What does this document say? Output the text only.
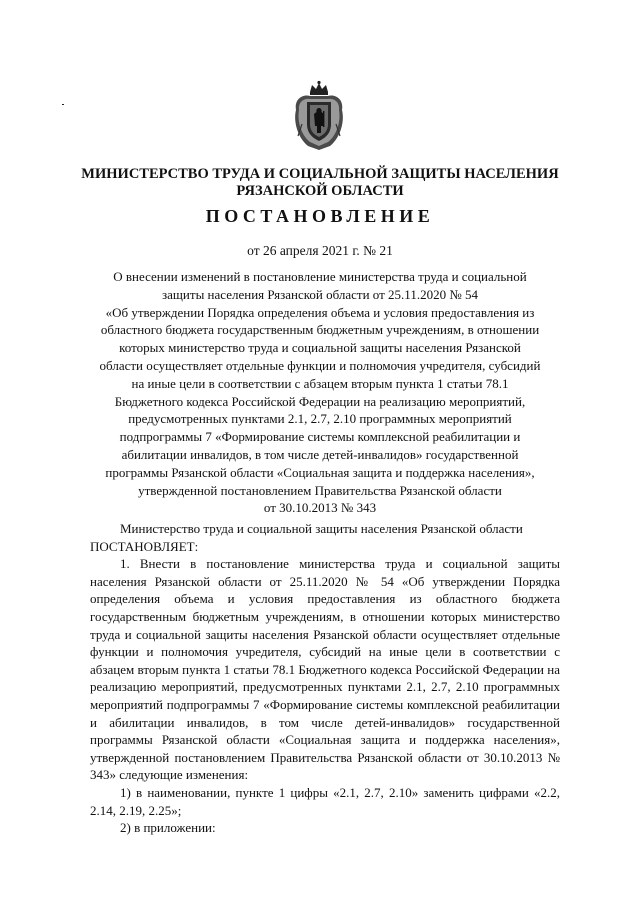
МИНИСТЕРСТВО ТРУДА И СОЦИАЛЬНОЙ ЗАЩИТЫ НАСЕЛЕНИЯ
РЯЗАНСКОЙ ОБЛАСТИ
ПОСТАНОВЛЕНИЕ
от 26 апреля 2021 г. № 21
О внесении изменений в постановление министерства труда и социальной
защиты населения Рязанской области от 25.11.2020 № 54
«Об утверждении Порядка определения объема и условия предоставления из
областного бюджета государственным бюджетным учреждениям, в отношении
которых министерство труда и социальной защиты населения Рязанской
области осуществляет отдельные функции и полномочия учредителя, субсидий
на иные цели в соответствии с абзацем вторым пункта 1 статьи 78.1
Бюджетного кодекса Российской Федерации на реализацию мероприятий,
предусмотренных пунктами 2.1, 2.7, 2.10 программных мероприятий
подпрограммы 7 «Формирование системы комплексной реабилитации и
абилитации инвалидов, в том числе детей-инвалидов» государственной
программы Рязанской области «Социальная защита и поддержка населения»,
утвержденной постановлением Правительства Рязанской области
от 30.10.2013 № 343

Министерство труда и социальной защиты населения Рязанской области

ПОСТАНОВЛЯЕТ:

1. Внести в постановление министерства труда и социальной защиты населения Рязанской области от 25.11.2020 № 54 «Об утверждении Порядка определения объема и условия предоставления из областного бюджета государственным бюджетным учреждениям, в отношении которых министерство труда и социальной защиты населения Рязанской области осуществляет отдельные функции и полномочия учредителя, субсидий на иные цели в соответствии с абзацем вторым пункта 1 статьи 78.1 Бюджетного кодекса Российской Федерации на реализацию мероприятий, предусмотренных пунктами 2.1, 2.7, 2.10 программных мероприятий подпрограммы 7 «Формирование системы комплексной реабилитации и абилитации инвалидов, в том числе детей-инвалидов» государственной программы Рязанской области «Социальная защита и поддержка населения», утвержденной постановлением Правительства Рязанской области от 30.10.2013 № 343» следующие изменения:

1) в наименовании, пункте 1 цифры «2.1, 2.7, 2.10» заменить цифрами «2.2, 2.14, 2.19, 2.25»;

2) в приложении:
